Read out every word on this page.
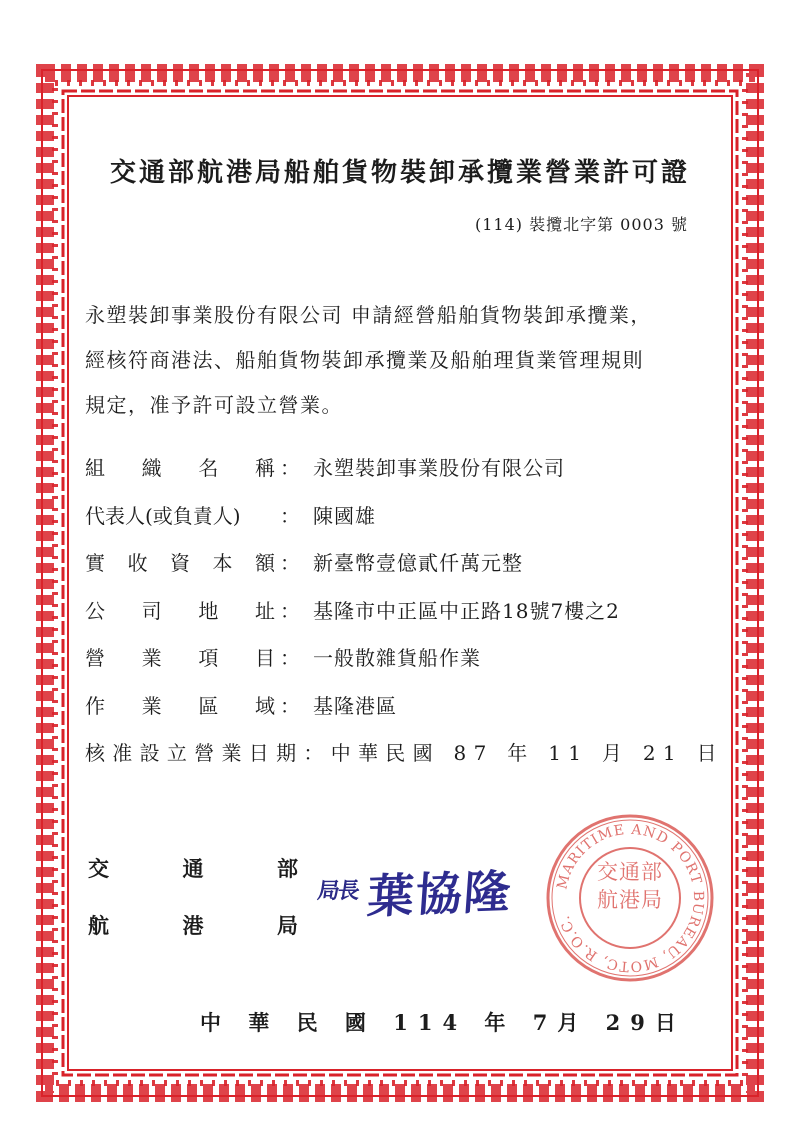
交通部航港局船舶貨物裝卸承攬業營業許可證
(114) 裝攬北字第 0003 號

永塑裝卸事業股份有限公司 申請經營船舶貨物裝卸承攬業，

經核符商港法、船舶貨物裝卸承攬業及船舶理貨業管理規則

規定，准予許可設立營業。

組 織 名 稱 ： 永塑裝卸事業股份有限公司
代表人(或負責人) ： 陳國雄
實 收 資 本 額 ： 新臺幣壹億貳仟萬元整
公 司 地 址 ： 基隆市中正區中正路18號7樓之2
營 業 項 目 ： 一般散雜貨船作業
作 業 區 域 ： 基隆港區
核准設立營業日期：中華民國 87 年 11 月 21 日
交	通	部
航	港	局
局長 葉協隆	MARITIME AND PORT BUREAU, MOTC, R.O.C.
交通部
航港局
中 華 民 國 114 年 7月 29日
